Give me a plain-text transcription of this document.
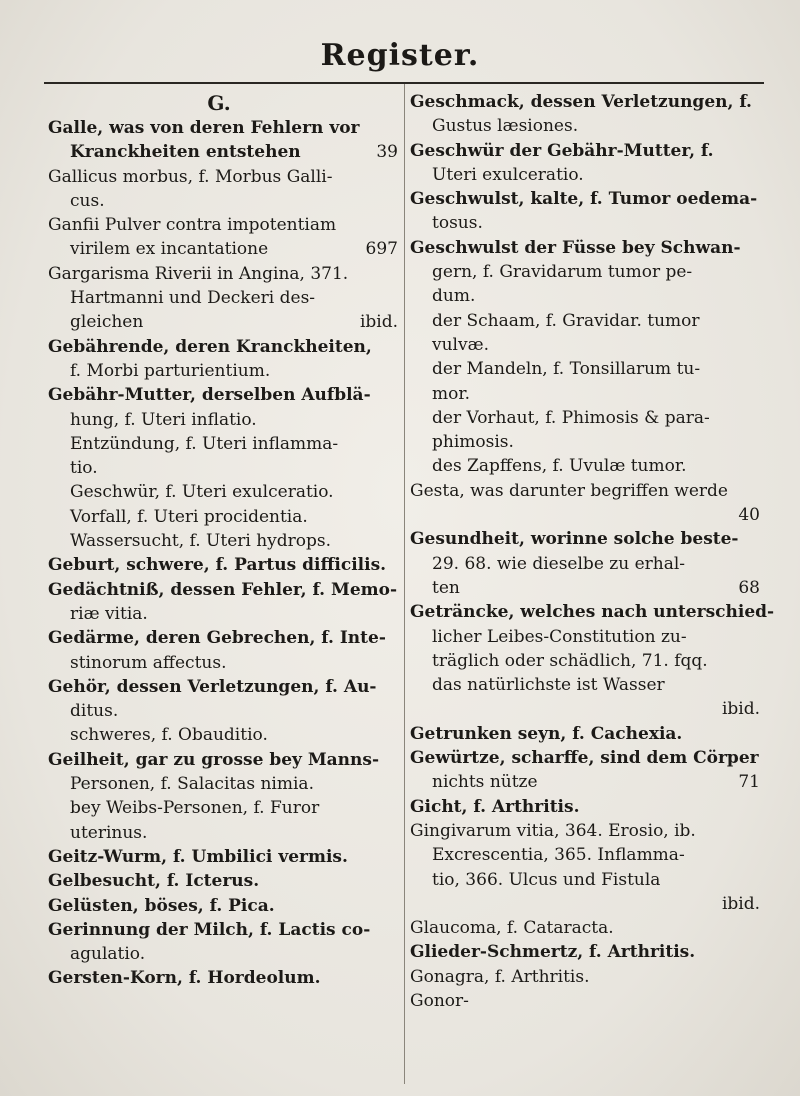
Register.
G.
Galle, was von deren Fehlern vor
Kranckheiten entstehen	39
Gallicus morbus, f. Morbus Galli-
cus.
Ganfii Pulver contra impotentiam
virilem ex incantatione	697
Gargarisma Riverii in Angina, 371.
Hartmanni und Deckeri des-
gleichen	ibid.
Gebährende, deren Kranckheiten,
f. Morbi parturientium.
Gebähr-Mutter, derselben Aufblä-
hung, f. Uteri inflatio.
Entzündung, f. Uteri inflamma-
tio.
Geschwür, f. Uteri exulceratio.
Vorfall, f. Uteri procidentia.
Wassersucht, f. Uteri hydrops.
Geburt, schwere, f. Partus difficilis.
Gedächtniß, dessen Fehler, f. Memo-
riæ vitia.
Gedärme, deren Gebrechen, f. Inte-
stinorum affectus.
Gehör, dessen Verletzungen, f. Au-
ditus.
schweres, f. Obauditio.
Geilheit, gar zu grosse bey Manns-
Personen, f. Salacitas nimia.
bey Weibs-Personen, f. Furor
uterinus.
Geitz-Wurm, f. Umbilici vermis.
Gelbesucht, f. Icterus.
Gelüsten, böses, f. Pica.
Gerinnung der Milch, f. Lactis co-
agulatio.
Gersten-Korn, f. Hordeolum.
Geschmack, dessen Verletzungen, f.
Gustus læsiones.
Geschwür der Gebähr-Mutter, f.
Uteri exulceratio.
Geschwulst, kalte, f. Tumor oedema-
tosus.
Geschwulst der Füsse bey Schwan-
gern, f. Gravidarum tumor pe-
dum.
der Schaam, f. Gravidar. tumor
vulvæ.
der Mandeln, f. Tonsillarum tu-
mor.
der Vorhaut, f. Phimosis & para-
phimosis.
des Zapffens, f. Uvulæ tumor.
Gesta, was darunter begriffen werde
40
Gesundheit, worinne solche beste-
29. 68. wie dieselbe zu erhal-
ten	68
Geträncke, welches nach unterschied-
licher Leibes-Constitution zu-
träglich oder schädlich, 71. fqq.
das natürlichste ist Wasser
ibid.
Getrunken seyn, f. Cachexia.
Gewürtze, scharffe, sind dem Cörper
nichts nütze	71
Gicht, f. Arthritis.
Gingivarum vitia, 364. Erosio, ib.
Excrescentia, 365. Inflamma-
tio, 366. Ulcus und Fistula
ibid.
Glaucoma, f. Cataracta.
Glieder-Schmertz, f. Arthritis.
Gonagra, f. Arthritis.
Gonor-
